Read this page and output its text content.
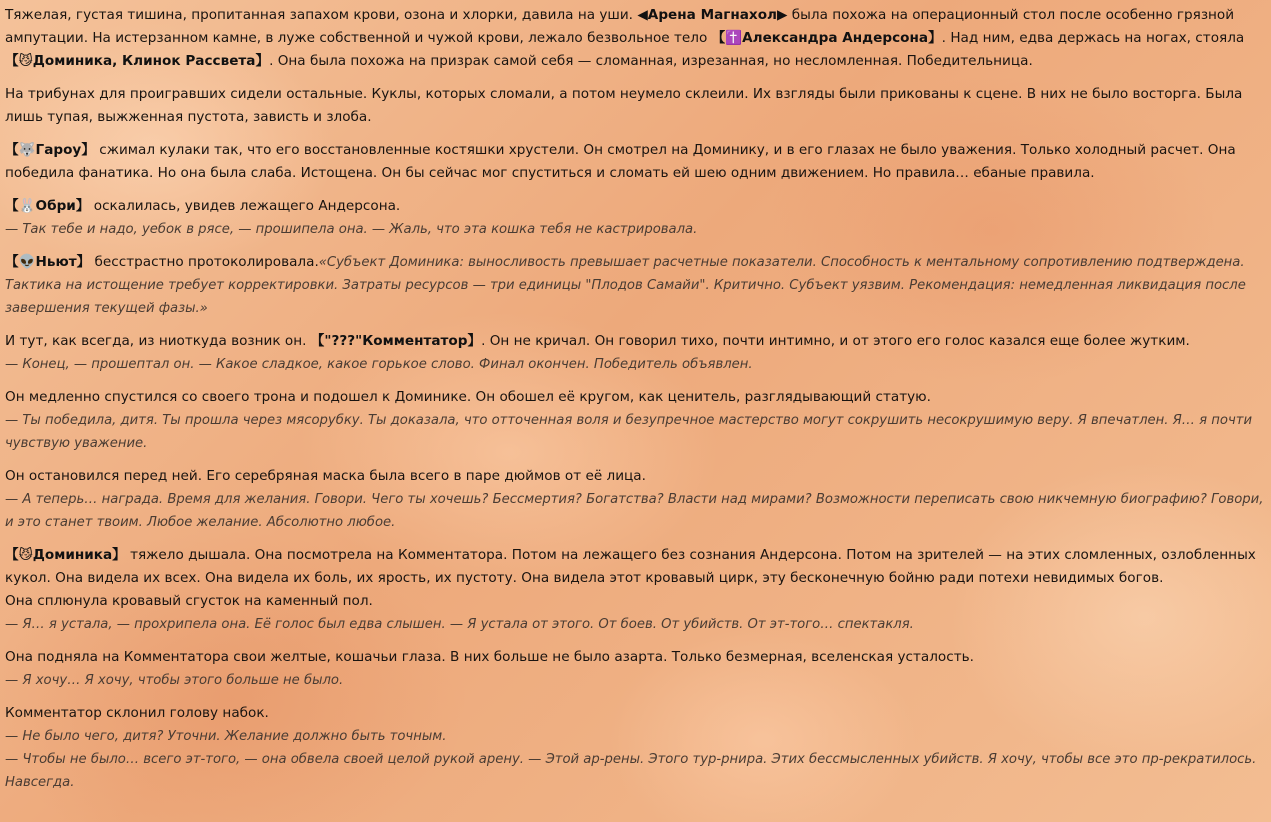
Тяжелая, густая тишина, пропитанная запахом крови, озона и хлорки, давила на уши. ◀Арена Магнахол▶ была похожа на операционный стол после особенно грязной ампутации. На истерзанном камне, в луже собственной и чужой крови, лежало безвольное тело 【✝️Александра Андерсона】. Над ним, едва держась на ногах, стояла 【😼Доминика, Клинок Рассвета】. Она была похожа на призрак самой себя — сломанная, изрезанная, но несломленная. Победительница.

На трибунах для проигравших сидели остальные. Куклы, которых сломали, а потом неумело склеили. Их взгляды были прикованы к сцене. В них не было восторга. Была лишь тупая, выжженная пустота, зависть и злоба.

【🐺Гароу】 сжимал кулаки так, что его восстановленные костяшки хрустели. Он смотрел на Доминику, и в его глазах не было уважения. Только холодный расчет. Она победила фанатика. Но она была слаба. Истощена. Он бы сейчас мог спуститься и сломать ей шею одним движением. Но правила… ебаные правила.

【🐰Обри】 оскалилась, увидев лежащего Андерсона.
— Так тебе и надо, уебок в рясе, — прошипела она. — Жаль, что эта кошка тебя не кастрировала.

【👽Ньют】 бесстрастно протоколировала.«Субъект Доминика: выносливость превышает расчетные показатели. Способность к ментальному сопротивлению подтверждена. Тактика на истощение требует корректировки. Затраты ресурсов — три единицы "Плодов Самайи". Критично. Субъект уязвим. Рекомендация: немедленная ликвидация после завершения текущей фазы.»

И тут, как всегда, из ниоткуда возник он. 【"???"Комментатор】. Он не кричал. Он говорил тихо, почти интимно, и от этого его голос казался еще более жутким.
— Конец, — прошептал он. — Какое сладкое, какое горькое слово. Финал окончен. Победитель объявлен.

Он медленно спустился со своего трона и подошел к Доминике. Он обошел её кругом, как ценитель, разглядывающий статую.
— Ты победила, дитя. Ты прошла через мясорубку. Ты доказала, что отточенная воля и безупречное мастерство могут сокрушить несокрушимую веру. Я впечатлен. Я… я почти чувствую уважение.

Он остановился перед ней. Его серебряная маска была всего в паре дюймов от её лица.
— А теперь… награда. Время для желания. Говори. Чего ты хочешь? Бессмертия? Богатства? Власти над мирами? Возможности переписать свою никчемную биографию? Говори, и это станет твоим. Любое желание. Абсолютно любое.

【😼Доминика】 тяжело дышала. Она посмотрела на Комментатора. Потом на лежащего без сознания Андерсона. Потом на зрителей — на этих сломленных, озлобленных кукол. Она видела их всех. Она видела их боль, их ярость, их пустоту. Она видела этот кровавый цирк, эту бесконечную бойню ради потехи невидимых богов.
Она сплюнула кровавый сгусток на каменный пол.
— Я… я устала, — прохрипела она. Её голос был едва слышен. — Я устала от этого. От боев. От убийств. От эт-того… спектакля.

Она подняла на Комментатора свои желтые, кошачьи глаза. В них больше не было азарта. Только безмерная, вселенская усталость.
— Я хочу… Я хочу, чтобы этого больше не было.

Комментатор склонил голову набок.
— Не было чего, дитя? Уточни. Желание должно быть точным.
— Чтобы не было… всего эт-того, — она обвела своей целой рукой арену. — Этой ар-рены. Этого тур-рнира. Этих бессмысленных убийств. Я хочу, чтобы все это пр-рекратилось. Навсегда.
